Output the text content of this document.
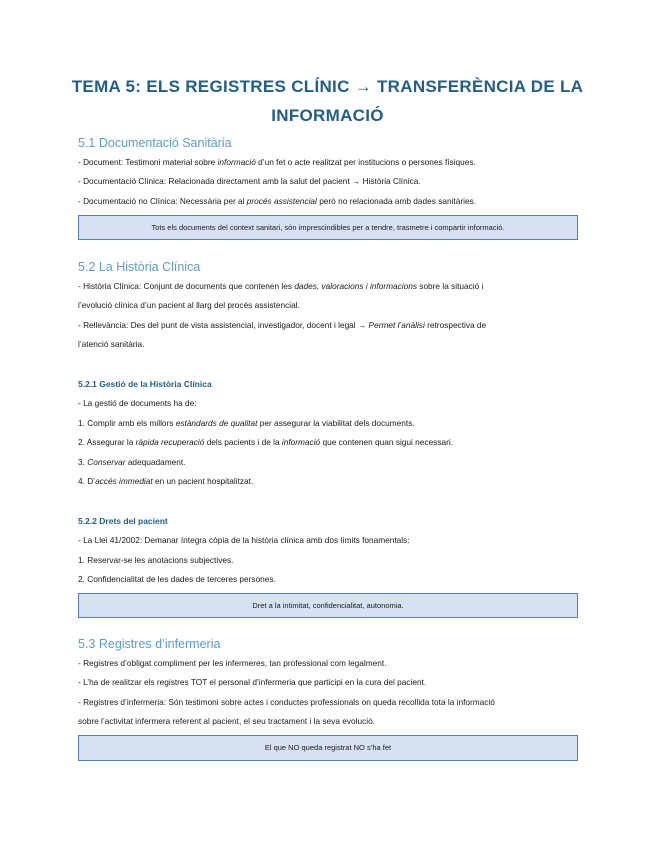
TEMA 5: ELS REGISTRES CLÍNIC → TRANSFERÈNCIA DE LA
INFORMACIÓ
5.1 Documentació Sanitària
- Document: Testimoni material sobre informació d’un fet o acte realitzat per institucions o persones físiques.
- Documentació Clínica: Relacionada directament amb la salut del pacient → Història Clínica.
- Documentació no Clínica: Necessària per al procés assistencial però no relacionada amb dades sanitàries.
Tots els documents del context sanitari, són imprescindibles per a tendre, trasmetre i compartir informació.
5.2 La Història Clínica
- Història Clínica: Conjunt de documents que contenen les dades, valoracions i informacions sobre la situació i
l’evolució clínica d’un pacient al llarg del procés assistencial.
- Rellevància: Des del punt de vista assistencial, investigador, docent i legal → Permet l’anàlisi retrospectiva de
l’atenció sanitària.
5.2.1 Gestió de la Història Clínica
- La gestió de documents ha de:
1. Complir amb els millors estàndards de qualitat per assegurar la viabilitat dels documents.
2. Assegurar la ràpida recuperació dels pacients i de la informació que contenen quan sigui necessari.
3. Conservar adequadament.
4. D’accés immediat en un pacient hospitalitzat.
5.2.2 Drets del pacient
- La Llei 41/2002: Demanar íntegra còpia de la història clínica amb dos límits fonamentals:
1. Reservar-se les anotacions subjectives.
2. Confidencialitat de les dades de terceres persones.
Dret a la intimitat, confidencialitat, autonomia.
5.3 Registres d’infermeria
- Registres d’obligat compliment per les infermeres, tan professional com legalment.
- L’ha de realitzar els registres TOT el personal d’infermeria que participi en la cura del pacient.
- Registres d’infermeria: Són testimoni sobre actes i conductes professionals on queda recollida tota la informació
sobre l’activitat infermera referent al pacient, el seu tractament i la seva evolució.
El que NO queda registrat NO s’ha fet
